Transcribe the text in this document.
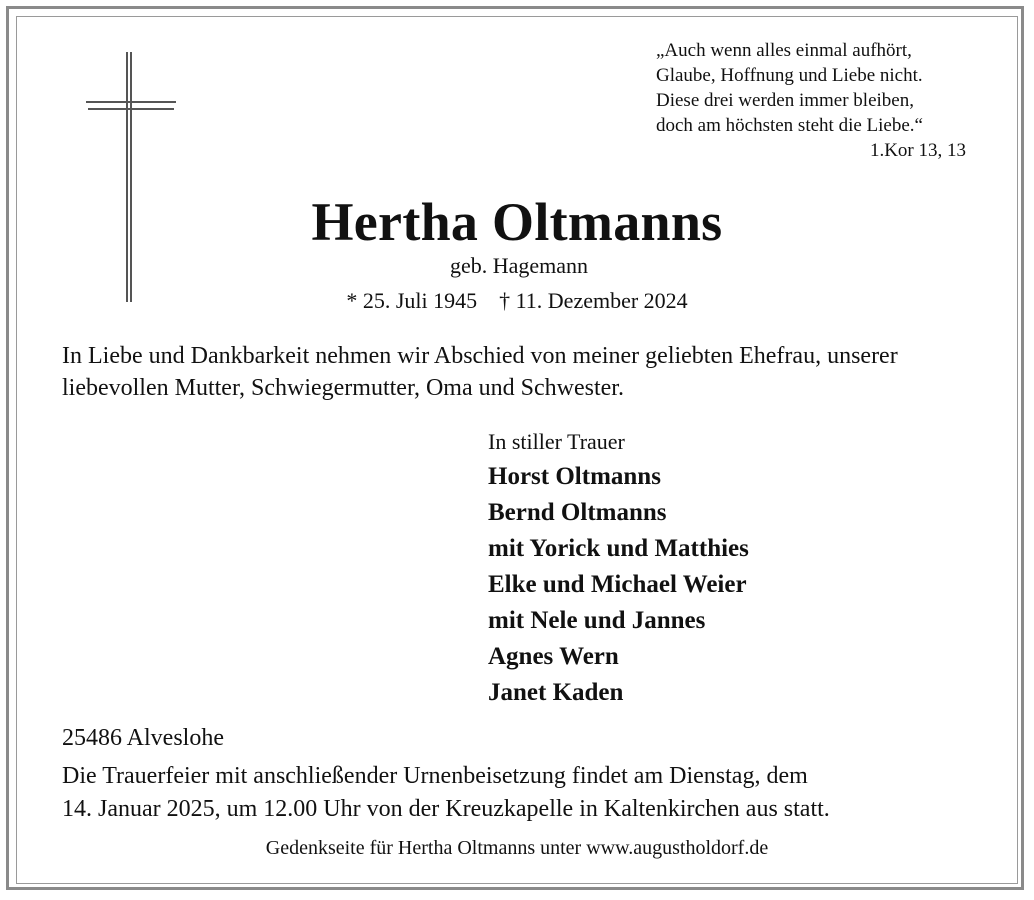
„Auch wenn alles einmal aufhört,
Glaube, Hoffnung und Liebe nicht.
Diese drei werden immer bleiben,
doch am höchsten steht die Liebe.“
1.Kor 13, 13
Hertha Oltmanns
geb. Hagemann
* 25. Juli 1945 † 11. Dezember 2024
In Liebe und Dankbarkeit nehmen wir Abschied von meiner geliebten Ehefrau, unserer liebevollen Mutter, Schwiegermutter, Oma und Schwester.
In stiller Trauer
Horst Oltmanns
Bernd Oltmanns
mit Yorick und Matthies
Elke und Michael Weier
mit Nele und Jannes
Agnes Wern
Janet Kaden
25486 Alveslohe
Die Trauerfeier mit anschließender Urnenbeisetzung findet am Dienstag, dem
14. Januar 2025, um 12.00 Uhr von der Kreuzkapelle in Kaltenkirchen aus statt.
Gedenkseite für Hertha Oltmanns unter www.augustholdorf.de
